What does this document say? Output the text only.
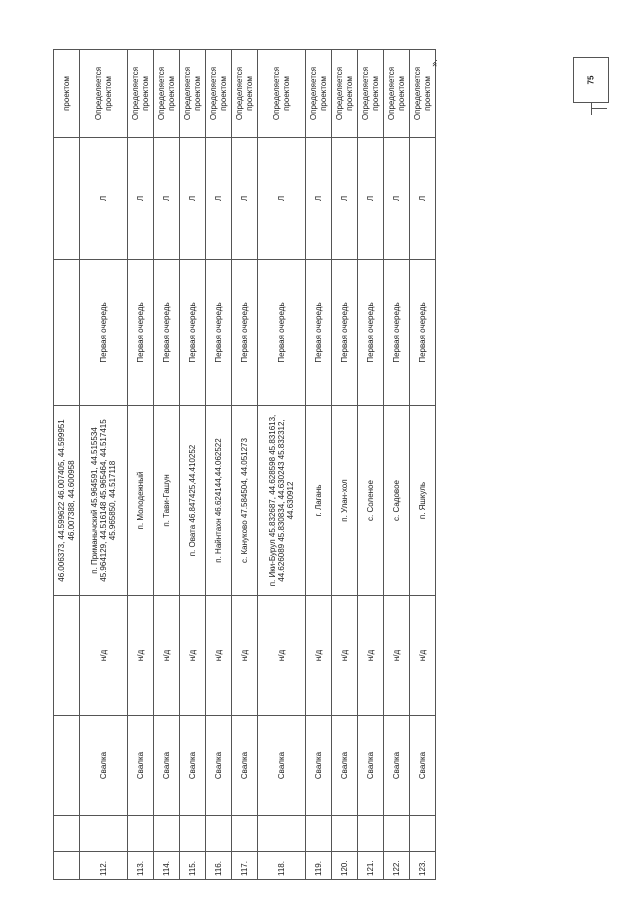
				46.006373, 44.599622 46.007405, 44.599951 46.007388, 44.600958			проектом
112.		Свалка	н/д	п. Приманычский 45.964591, 44.515534 45.964129, 44.516148 45.965464, 44.517415 45.965850, 44.517118	Первая очередь	Л	Определяется проектом
113.		Свалка	н/д	п. Молодежный	Первая очередь	Л	Определяется проектом
114.		Свалка	н/д	п. Тави-Гашун	Первая очередь	Л	Определяется проектом
115.		Свалка	н/д	п. Овата 46.847425,44.410252	Первая очередь	Л	Определяется проектом
116.		Свалка	н/д	п. Найнтахн 46.624144,44.062522	Первая очередь	Л	Определяется проектом
117.		Свалка	н/д	с. Кануково 47.584504, 44.051273	Первая очередь	Л	Определяется проектом
118.		Свалка	н/д	п. Ики-Бурул 45.832687, 44.628598 45.831613, 44.626089 45.830834, 44.630243 45.832312, 44.630912	Первая очередь	Л	Определяется проектом
119.		Свалка	н/д	г. Лагань	Первая очередь	Л	Определяется проектом
120.		Свалка	н/д	п. Улан-хол	Первая очередь	Л	Определяется проектом
121.		Свалка	н/д	с. Соленое	Первая очередь	Л	Определяется проектом
122.		Свалка	н/д	с. Садовое	Первая очередь	Л	Определяется проектом
123.		Свалка	н/д	п. Яшкуль	Первая очередь	Л	Определяется проектом	75
».
